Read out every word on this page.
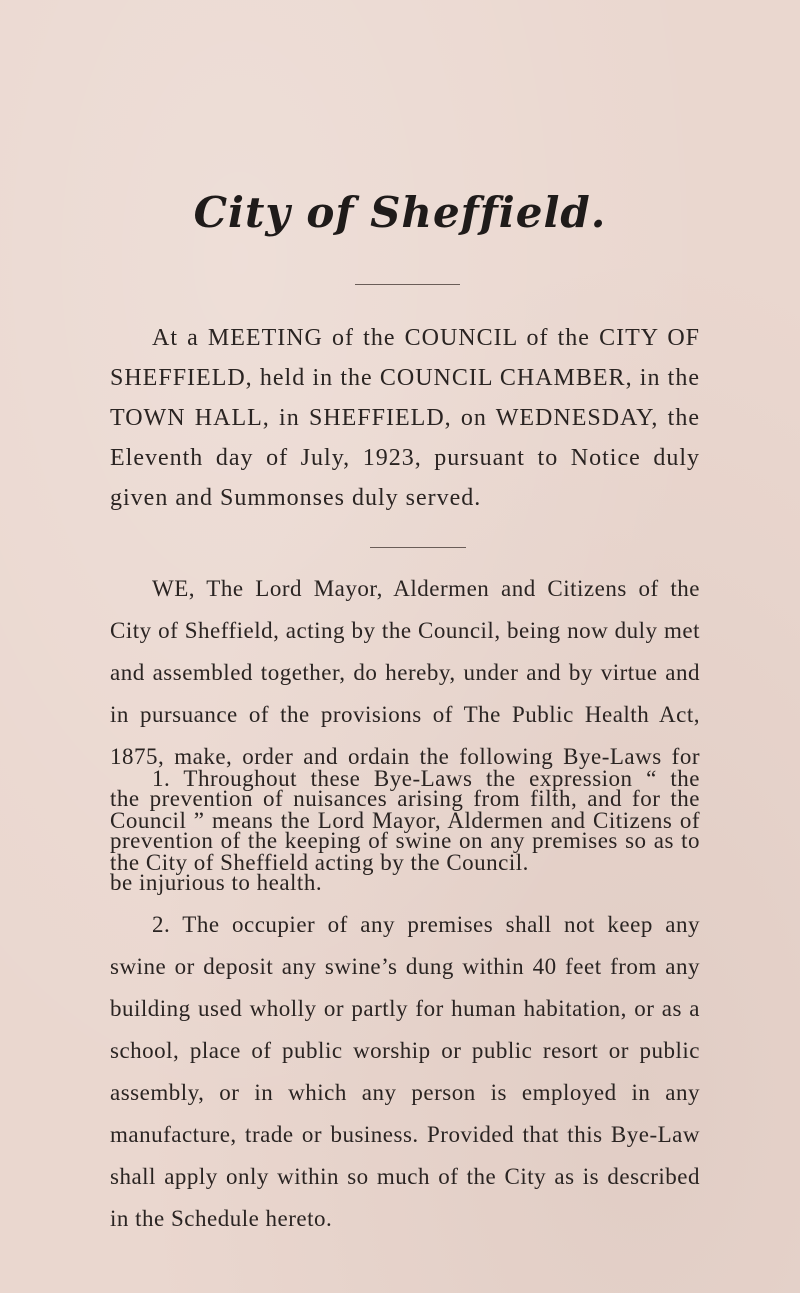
City of Sheffield.

At a MEETING of the COUNCIL of the CITY OF SHEFFIELD, held in the COUNCIL CHAMBER, in the TOWN HALL, in SHEFFIELD, on WEDNESDAY, the Eleventh day of July, 1923, pursuant to Notice duly given and Summonses duly served.

WE, The Lord Mayor, Aldermen and Citizens of the City of Sheffield, acting by the Council, being now duly met and assembled together, do hereby, under and by virtue and in pursuance of the provisions of The Public Health Act, 1875, make, order and ordain the following Bye-Laws for the prevention of nuisances arising from filth, and for the prevention of the keeping of swine on any premises so as to be injurious to health.

1. Throughout these Bye-Laws the expression “ the Council ” means the Lord Mayor, Aldermen and Citizens of the City of Sheffield acting by the Council.

2. The occupier of any premises shall not keep any swine or deposit any swine’s dung within 40 feet from any building used wholly or partly for human habitation, or as a school, place of public worship or public resort or public assembly, or in which any person is employed in any manufacture, trade or business. Provided that this Bye-Law shall apply only within so much of the City as is described in the Schedule hereto.
